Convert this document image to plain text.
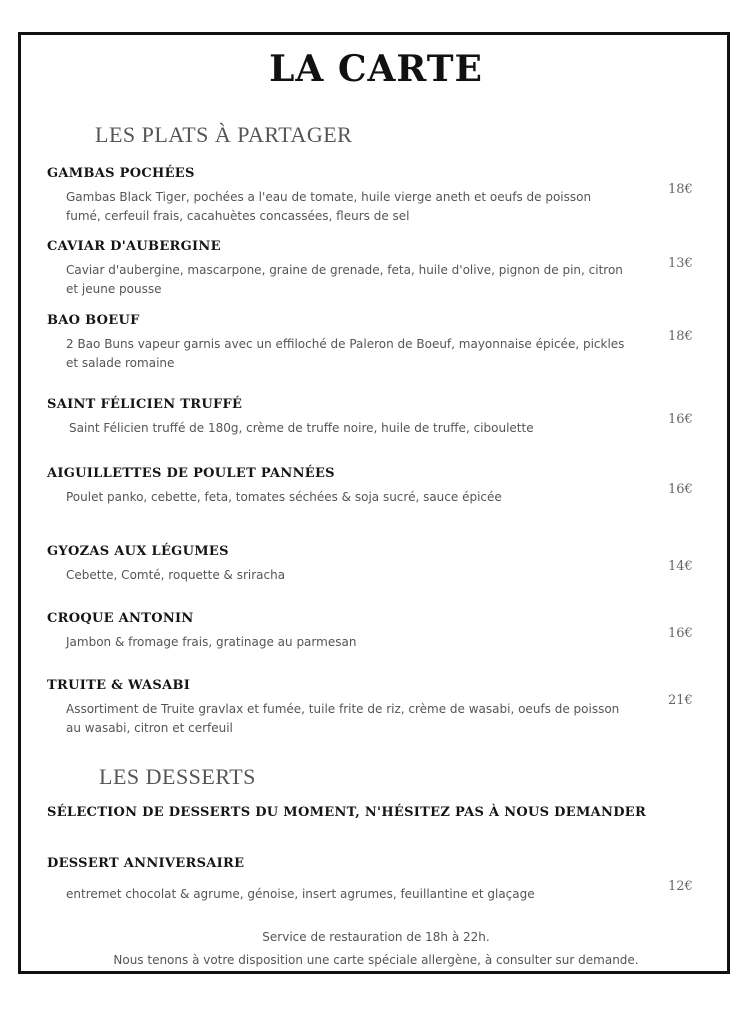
LA CARTE
LES PLATS À PARTAGER
GAMBAS POCHÉES
Gambas Black Tiger, pochées a l'eau de tomate, huile vierge aneth et oeufs de poisson fumé, cerfeuil frais, cacahuètes concassées, fleurs de sel
18€
CAVIAR D'AUBERGINE
Caviar d'aubergine, mascarpone, graine de grenade, feta, huile d'olive, pignon de pin, citron et jeune pousse
13€
BAO BOEUF
2 Bao Buns vapeur garnis avec un effiloché de Paleron de Boeuf, mayonnaise épicée, pickles et salade romaine
18€
SAINT FÉLICIEN TRUFFÉ
Saint Félicien truffé de 180g, crème de truffe noire, huile de truffe, ciboulette
16€
AIGUILLETTES DE POULET PANNÉES
Poulet panko, cebette, feta, tomates séchées & soja sucré, sauce épicée	16€
GYOZAS AUX LÉGUMES
Cebette, Comté, roquette & sriracha
14€
CROQUE ANTONIN
Jambon & fromage frais, gratinage au parmesan
16€
TRUITE & WASABI
Assortiment de Truite gravlax et fumée, tuile frite de riz, crème de wasabi, oeufs de poisson au wasabi, citron et cerfeuil
21€
LES DESSERTS
SÉLECTION DE DESSERTS DU MOMENT, N'HÉSITEZ PAS À NOUS DEMANDER
DESSERT ANNIVERSAIRE
entremet chocolat & agrume, génoise, insert agrumes, feuillantine et glaçage	12€
Service de restauration de 18h à 22h.
Nous tenons à votre disposition une carte spéciale allergène, à consulter sur demande.
